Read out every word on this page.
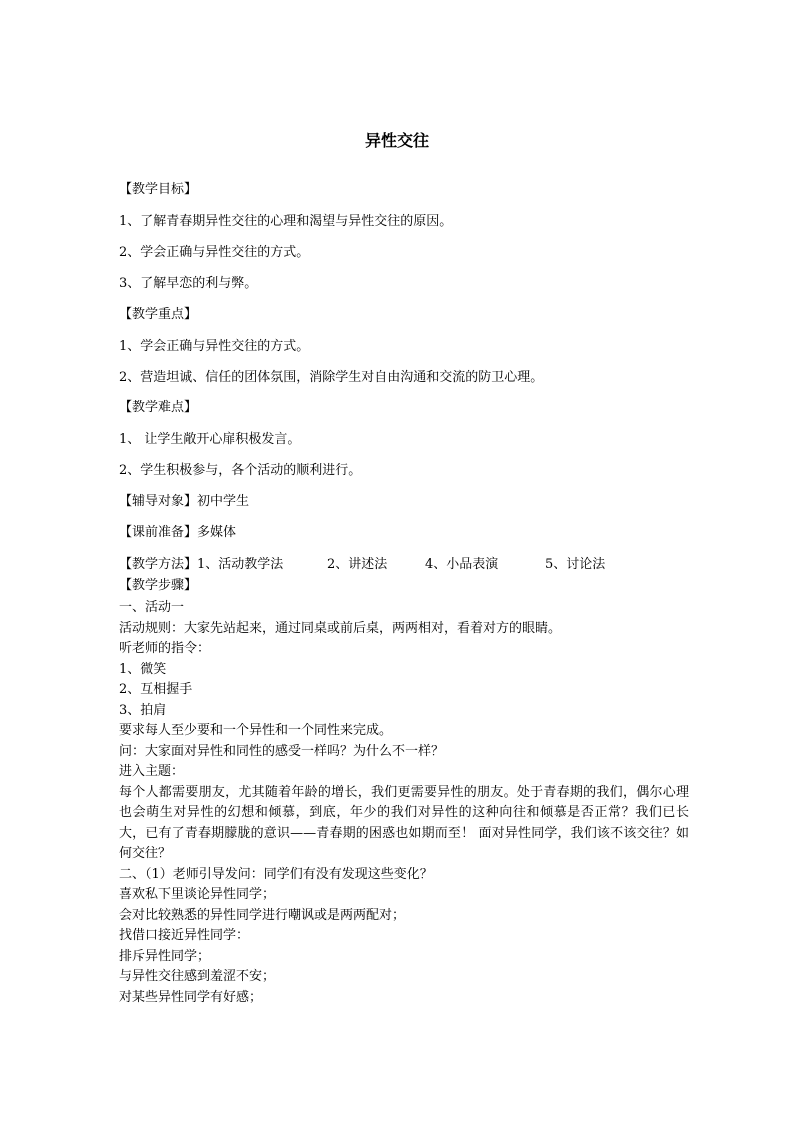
异性交往
【教学目标】
1、了解青春期异性交往的心理和渴望与异性交往的原因。
2、学会正确与异性交往的方式。
3、了解早恋的利与弊。
【教学重点】
1、学会正确与异性交往的方式。
2、营造坦诚、信任的团体氛围，消除学生对自由沟通和交流的防卫心理。
【教学难点】
1、 让学生敞开心扉积极发言。
2、学生积极参与，各个活动的顺利进行。
【辅导对象】初中学生
【课前准备】多媒体
【教学方法】1、活动教学法	2、讲述法	4、小品表演	5、讨论法
【教学步骤】
一、活动一
活动规则：大家先站起来，通过同桌或前后桌，两两相对，看着对方的眼睛。
听老师的指令：
1、微笑
2、互相握手
3、拍肩
要求每人至少要和一个异性和一个同性来完成。
问：大家面对异性和同性的感受一样吗？为什么不一样？
进入主题：
每个人都需要朋友，尤其随着年龄的增长，我们更需要异性的朋友。处于青春期的我们，偶尔心理也会萌生对异性的幻想和倾慕，到底，年少的我们对异性的这种向往和倾慕是否正常？我们已长大，已有了青春期朦胧的意识——青春期的困惑也如期而至！ 面对异性同学，我们该不该交往？如何交往？
二、（1）老师引导发问：同学们有没有发现这些变化？
喜欢私下里谈论异性同学；
会对比较熟悉的异性同学进行嘲讽或是两两配对；
找借口接近异性同学：
排斥异性同学；
与异性交往感到羞涩不安；
对某些异性同学有好感；
